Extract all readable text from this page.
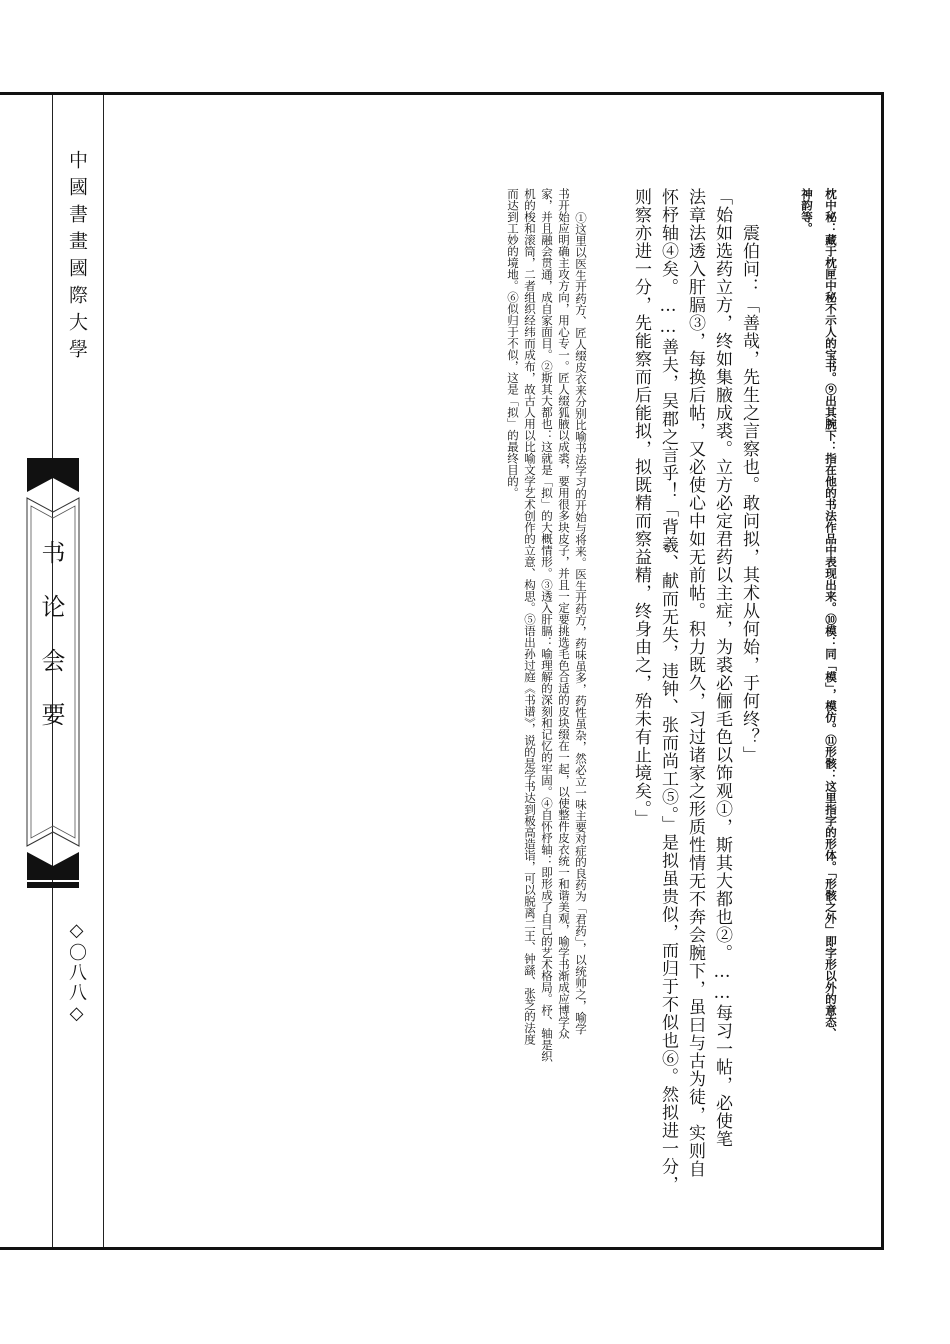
中國書畫國際大學
书论会要
◇〇八八◇	枕中秘：藏于枕匣中秘不示人的宝书。⑨出其腕下：指在他的书法作品中表现出来。⑩模：同「模」，模仿。⑪形骸：这里指字的形体。「形骸之外」即字形以外的意态、

神韵等。

震伯问：「善哉，先生之言察也。敢问拟，其术从何始，于何终？」

「始如选药立方，终如集腋成裘。立方必定君药以主症，为裘必俪毛色以饰观①，斯其大都也②。……每习一帖，必使笔

法章法透入肝膈③，每换后帖，又必使心中如无前帖。积力既久，习过诸家之形质性情无不奔会腕下，虽曰与古为徒，实则自

怀杼轴④矣。……善夫，吴郡之言乎！「背羲、献而无失，违钟、张而尚工⑤。」是拟虽贵似，而归于不似也⑥。然拟进一分，

则察亦进一分，先能察而后能拟，拟既精而察益精，终身由之，殆未有止境矣。」

①这里以医生开药方、匠人缀皮衣来分别比喻书法学习的开始与将来。医生开药方，药味虽多，药性虽杂，然必立一味主要对症的良药为「君药」，以统帅之，喻学

书开始应明确主攻方向，用心专一。匠人缀狐腋以成裘，要用很多块皮子，并且一定要挑选毛色合适的皮块缀在一起，以使整件皮衣统一和谐美观，喻学书渐成应博学众

家，并且融会贯通，成自家面目。②斯其大都也：这就是「拟」的大概情形。③透入肝膈：喻理解的深刻和记忆的牢固。④自怀杼轴：即形成了自己的艺术格局。杼、轴是织

机的梭和滚筒，二者组织经纬而成布，故古人用以比喻文学艺术创作的立意、构思。⑤语出孙过庭《书谱》，说的是学书达到极高造诣，可以脱离二王、钟繇、张芝的法度

而达到工妙的境地。⑥似归于不似，这是「拟」的最终目的。
